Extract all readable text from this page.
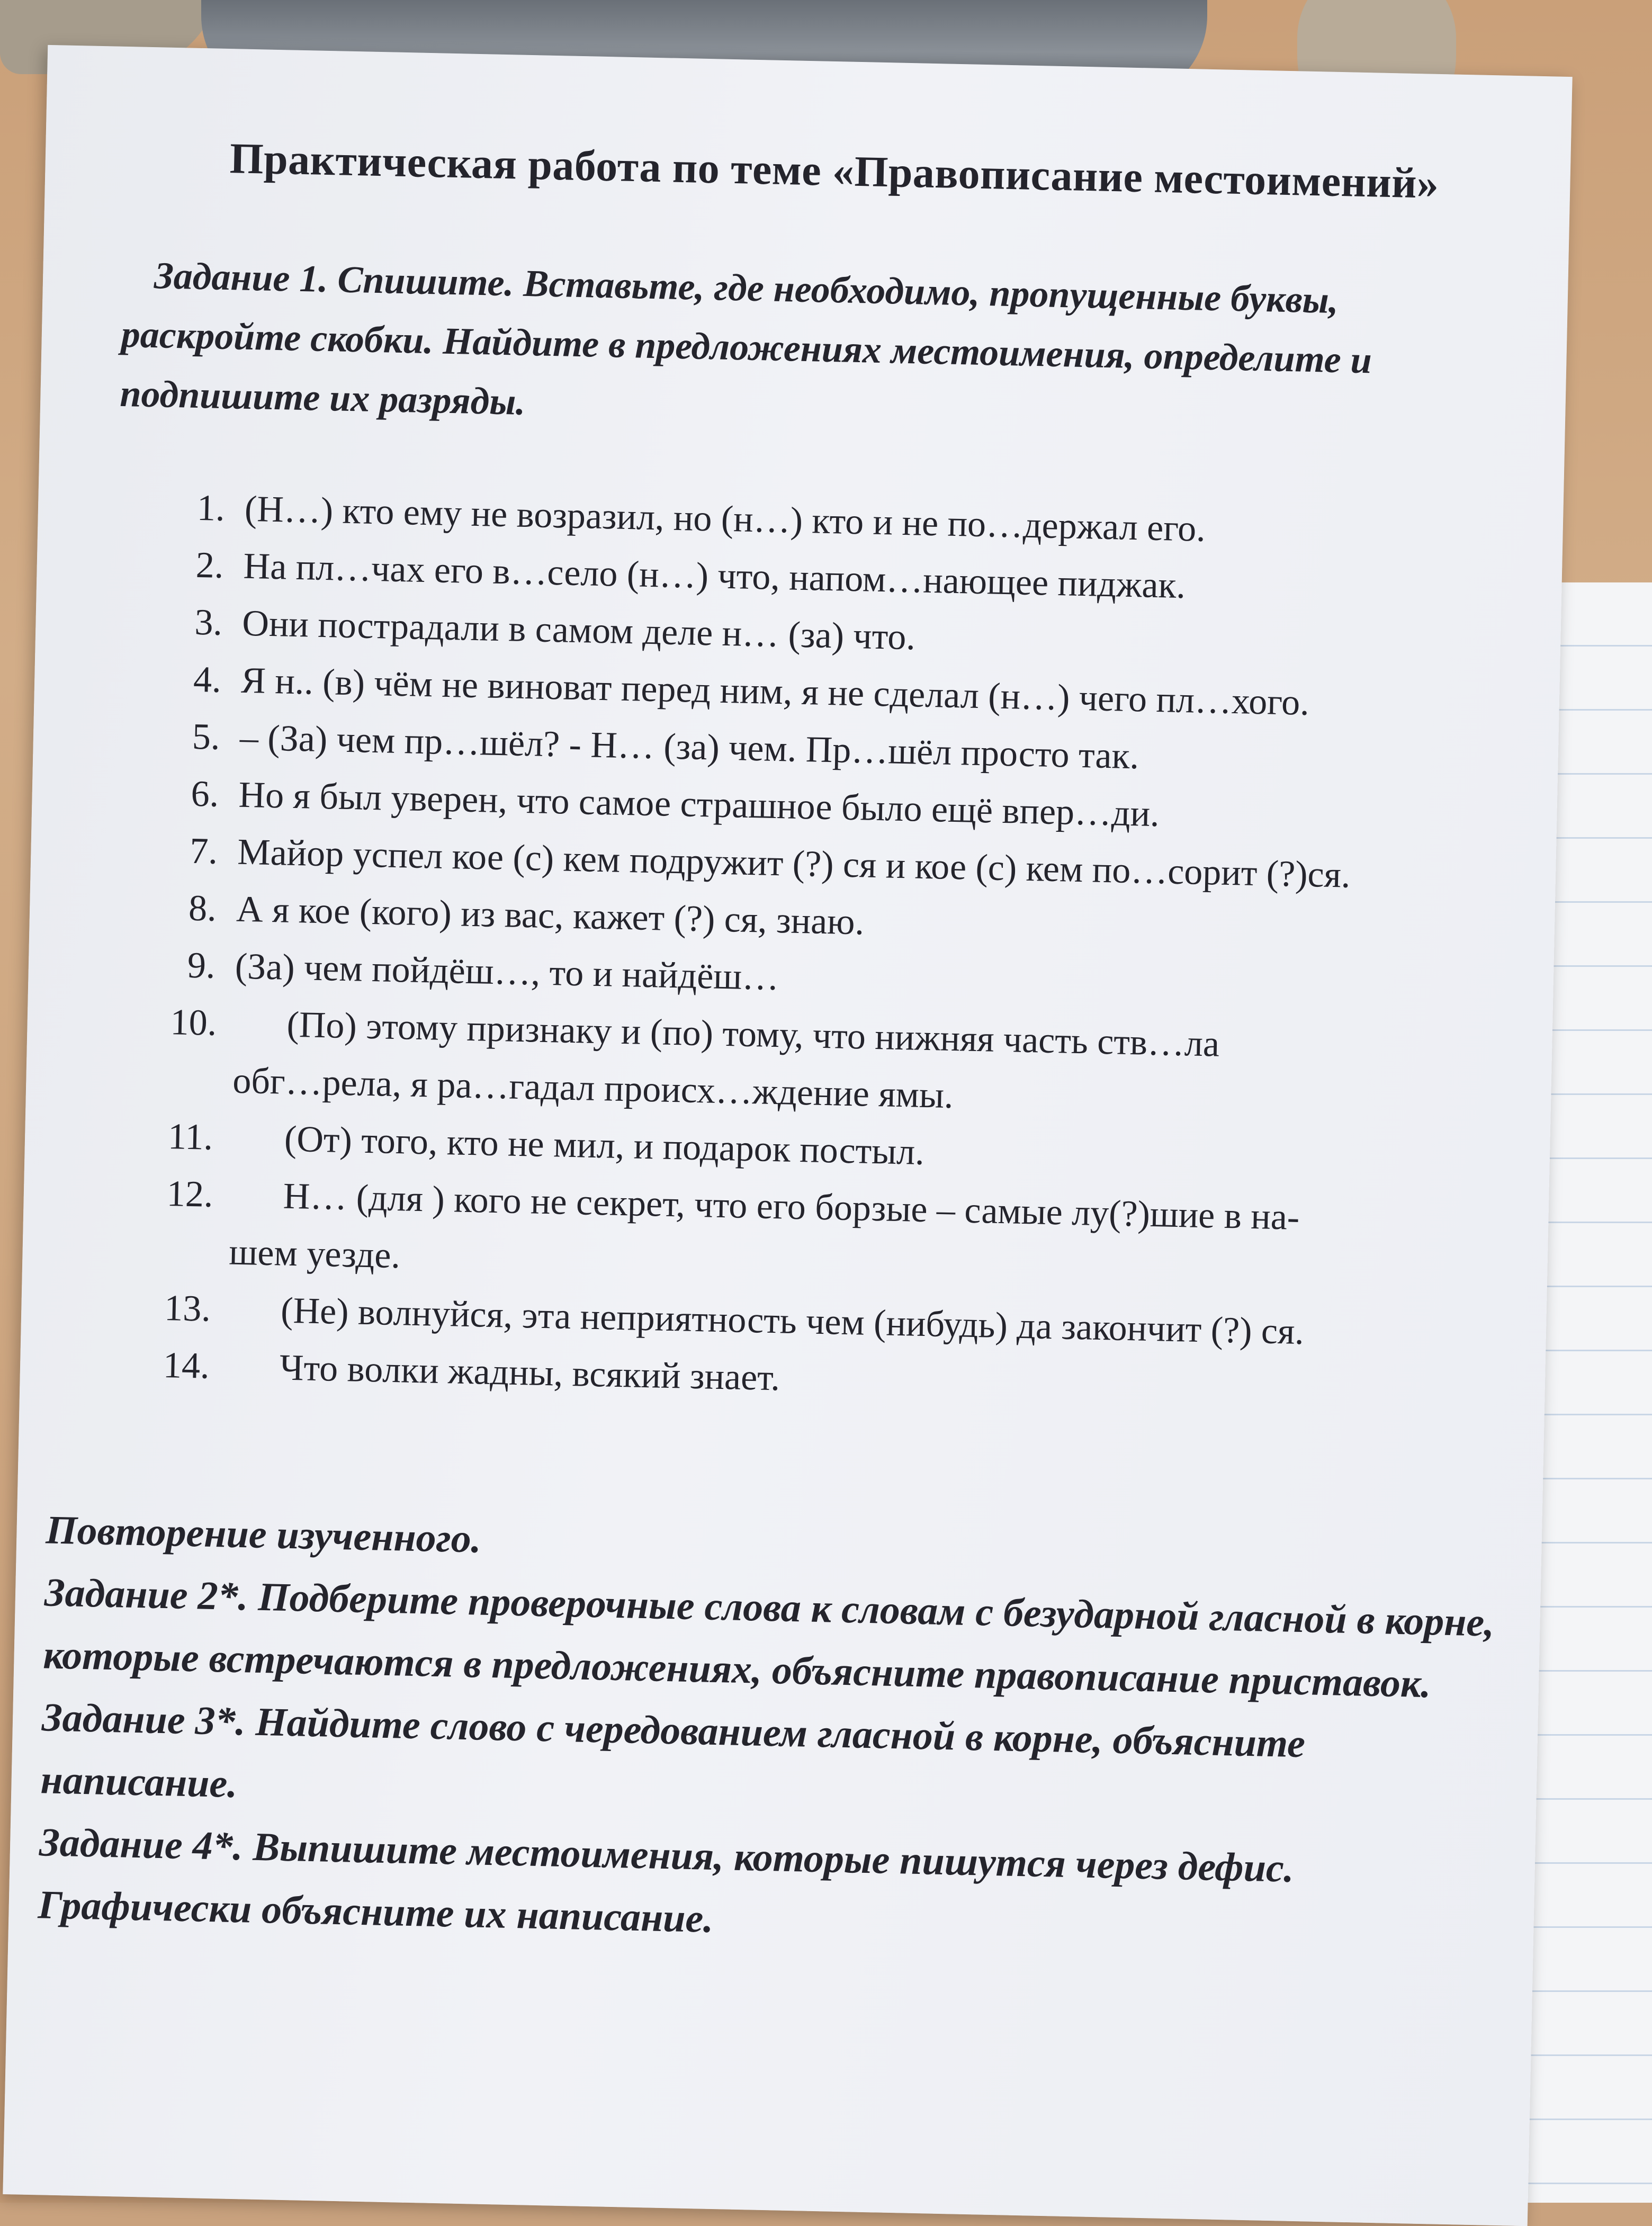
Практическая работа по теме «Правописание местоимений»

Задание 1. Спишите. Вставьте, где необходимо, пропущенные буквы, раскройте скобки. Найдите в предложениях местоимения, определите и подпишите их разряды.

1. (Н…) кто ему не возразил, но (н…) кто и не по…держал его.
2. На пл…чах его в…село (н…) что, напом…нающее пиджак.
3. Они пострадали в самом деле н… (за) что.
4. Я н.. (в) чём не виноват перед ним, я не сделал (н…) чего пл…хого.
5. – (За) чем пр…шёл? - Н… (за) чем. Пр…шёл просто так.
6. Но я был уверен, что самое страшное было ещё впер…ди.
7. Майор успел кое (с) кем подружит (?) ся и кое (с) кем по…сорит (?)ся.
8. А я кое (кого) из вас, кажет (?) ся, знаю.
9. (За) чем пойдёш…, то и найдёш…
10. (По) этому признаку и (по) тому, что нижняя часть ств…ла
обг…рела, я ра…гадал происх…ждение ямы.
11. (От) того, кто не мил, и подарок постыл.
12. Н… (для ) кого не секрет, что его борзые – самые лу(?)шие в на-
шем уезде.
13. (Не) волнуйся, эта неприятность чем (нибудь) да закончит (?) ся.
14. Что волки жадны, всякий знает.

Повторение изученного.

Задание 2*. Подберите проверочные слова к словам с безударной гласной в корне, которые встречаются в предложениях, объясните правописание приставок.

Задание 3*. Найдите слово с чередованием гласной в корне, объясните написание.

Задание 4*. Выпишите местоимения, которые пишутся через дефис. Графически объясните их написание.
